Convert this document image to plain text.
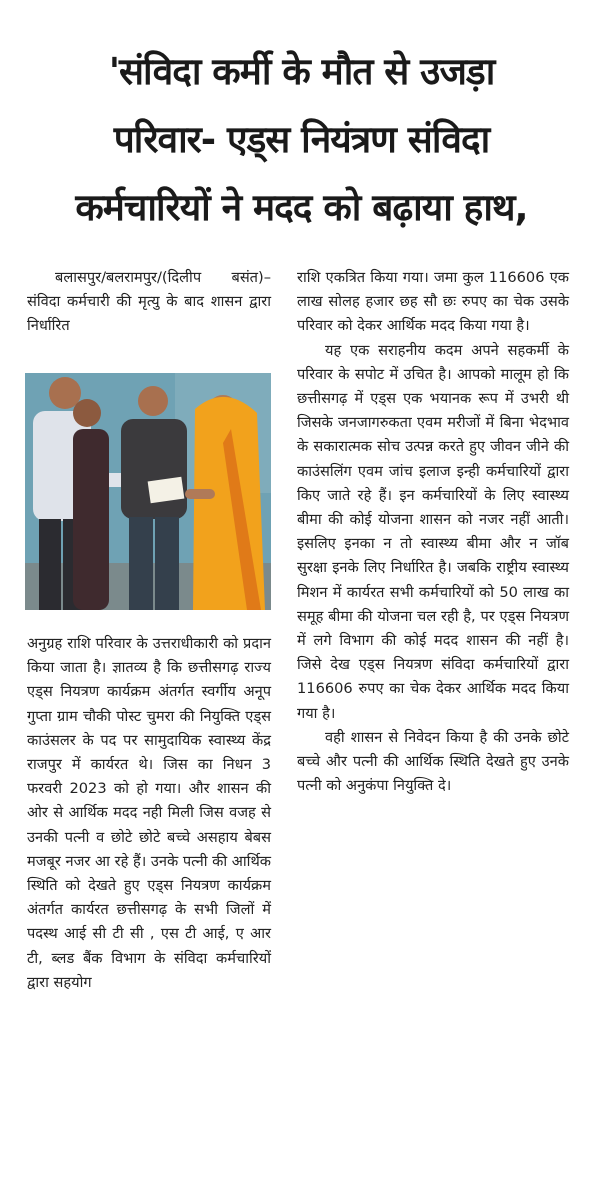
'संविदा कर्मी के मौत से उजड़ा
परिवार- एड्स नियंत्रण संविदा
कर्मचारियों ने मदद को बढ़ाया हाथ,

बलासपुर/बलरामपुर/(दिलीप बसंत)– संविदा कर्मचारी की मृत्यु के बाद शासन द्वारा निर्धारित

अनुग्रह राशि परिवार के उत्तराधीकारी को प्रदान किया जाता है। ज्ञातव्य है कि छत्तीसगढ़ राज्य एड्स नियत्रण कार्यक्रम अंतर्गत स्वर्गीय अनूप गुप्ता ग्राम चौकी पोस्ट चुमरा की नियुक्ति एड्स काउंसलर के पद पर सामुदायिक स्वास्थ्य केंद्र राजपुर में कार्यरत थे। जिस का निधन 3 फरवरी 2023 को हो गया। और शासन की ओर से आर्थिक मदद नही मिली जिस वजह से उनकी पत्नी व छोटे छोटे बच्चे असहाय बेबस मजबूर नजर आ रहे हैं। उनके पत्नी की आर्थिक स्थिति को देखते हुए एड्स नियत्रण कार्यक्रम अंतर्गत कार्यरत छत्तीसगढ़ के सभी जिलों में पदस्थ आई सी टी सी , एस टी आई, ए आर टी, ब्लड बैंक विभाग के संविदा कर्मचारियों द्वारा सहयोग

राशि एकत्रित किया गया। जमा कुल 116606 एक लाख सोलह हजार छह सौ छः रुपए का चेक उसके परिवार को देकर आर्थिक मदद किया गया है।

यह एक सराहनीय कदम अपने सहकर्मी के परिवार के सपोट में उचित है। आपको मालूम हो कि छत्तीसगढ़ में एड्स एक भयानक रूप में उभरी थी जिसके जनजागरुकता एवम मरीजों में बिना भेदभाव के सकारात्मक सोच उत्पन्न करते हुए जीवन जीने की काउंसलिंग एवम जांच इलाज इन्ही कर्मचारियों द्वारा किए जाते रहे हैं। इन कर्मचारियों के लिए स्वास्थ्य बीमा की कोई योजना शासन को नजर नहीं आती। इसलिए इनका न तो स्वास्थ्य बीमा और न जॉब सुरक्षा इनके लिए निर्धारित है। जबकि राष्ट्रीय स्वास्थ्य मिशन में कार्यरत सभी कर्मचारियों को 50 लाख का समूह बीमा की योजना चल रही है, पर एड्स नियत्रण में लगे विभाग की कोई मदद शासन की नहीं है। जिसे देख एड्स नियत्रण संविदा कर्मचारियों द्वारा 116606 रुपए का चेक देकर आर्थिक मदद किया गया है।

वही शासन से निवेदन किया है की उनके छोटे बच्चे और पत्नी की आर्थिक स्थिति देखते हुए उनके पत्नी को अनुकंपा नियुक्ति दे।
